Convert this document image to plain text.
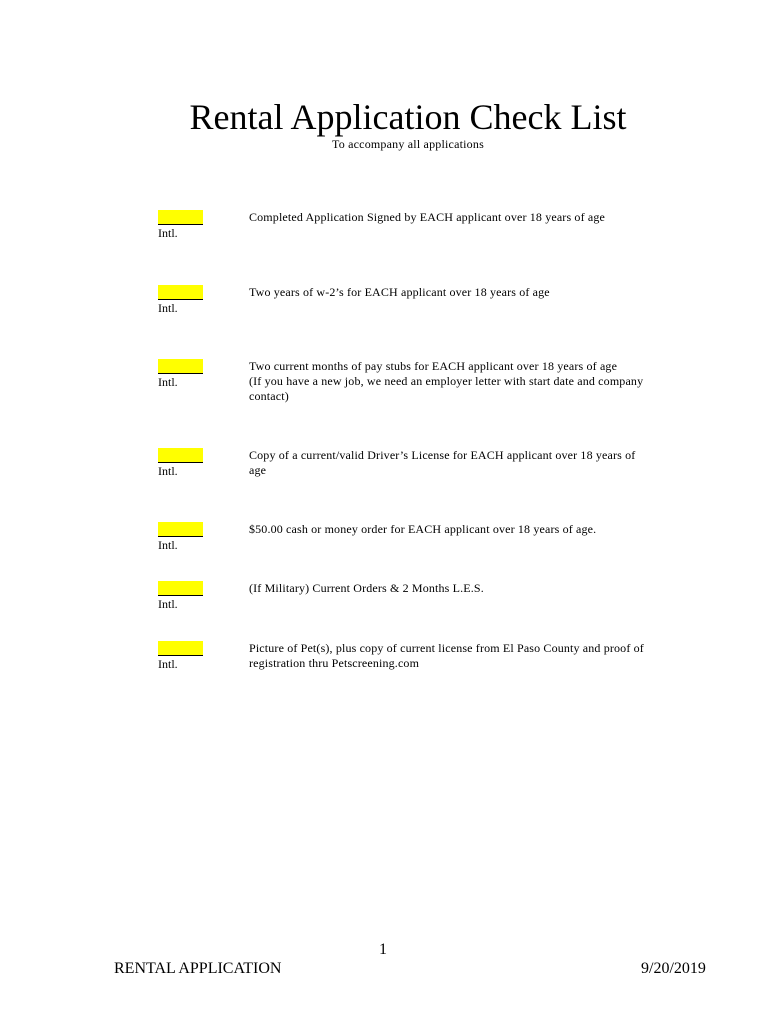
Rental Application Check List
To accompany all applications
Intl.
Completed Application Signed by EACH applicant over 18 years of age
Intl.
Two years of w-2’s for EACH applicant over 18 years of age
Intl.
Two current months of pay stubs for EACH applicant over 18 years of age
(If you have a new job, we need an employer letter with start date and company
contact)
Intl.
Copy of a current/valid Driver’s License for EACH applicant over 18 years of
age
Intl.
$50.00 cash or money order for EACH applicant over 18 years of age.
Intl.
(If Military) Current Orders & 2 Months L.E.S.
Intl.
Picture of Pet(s), plus copy of current license from El Paso County and proof of
registration thru Petscreening.com
1
RENTAL APPLICATION	9/20/2019
